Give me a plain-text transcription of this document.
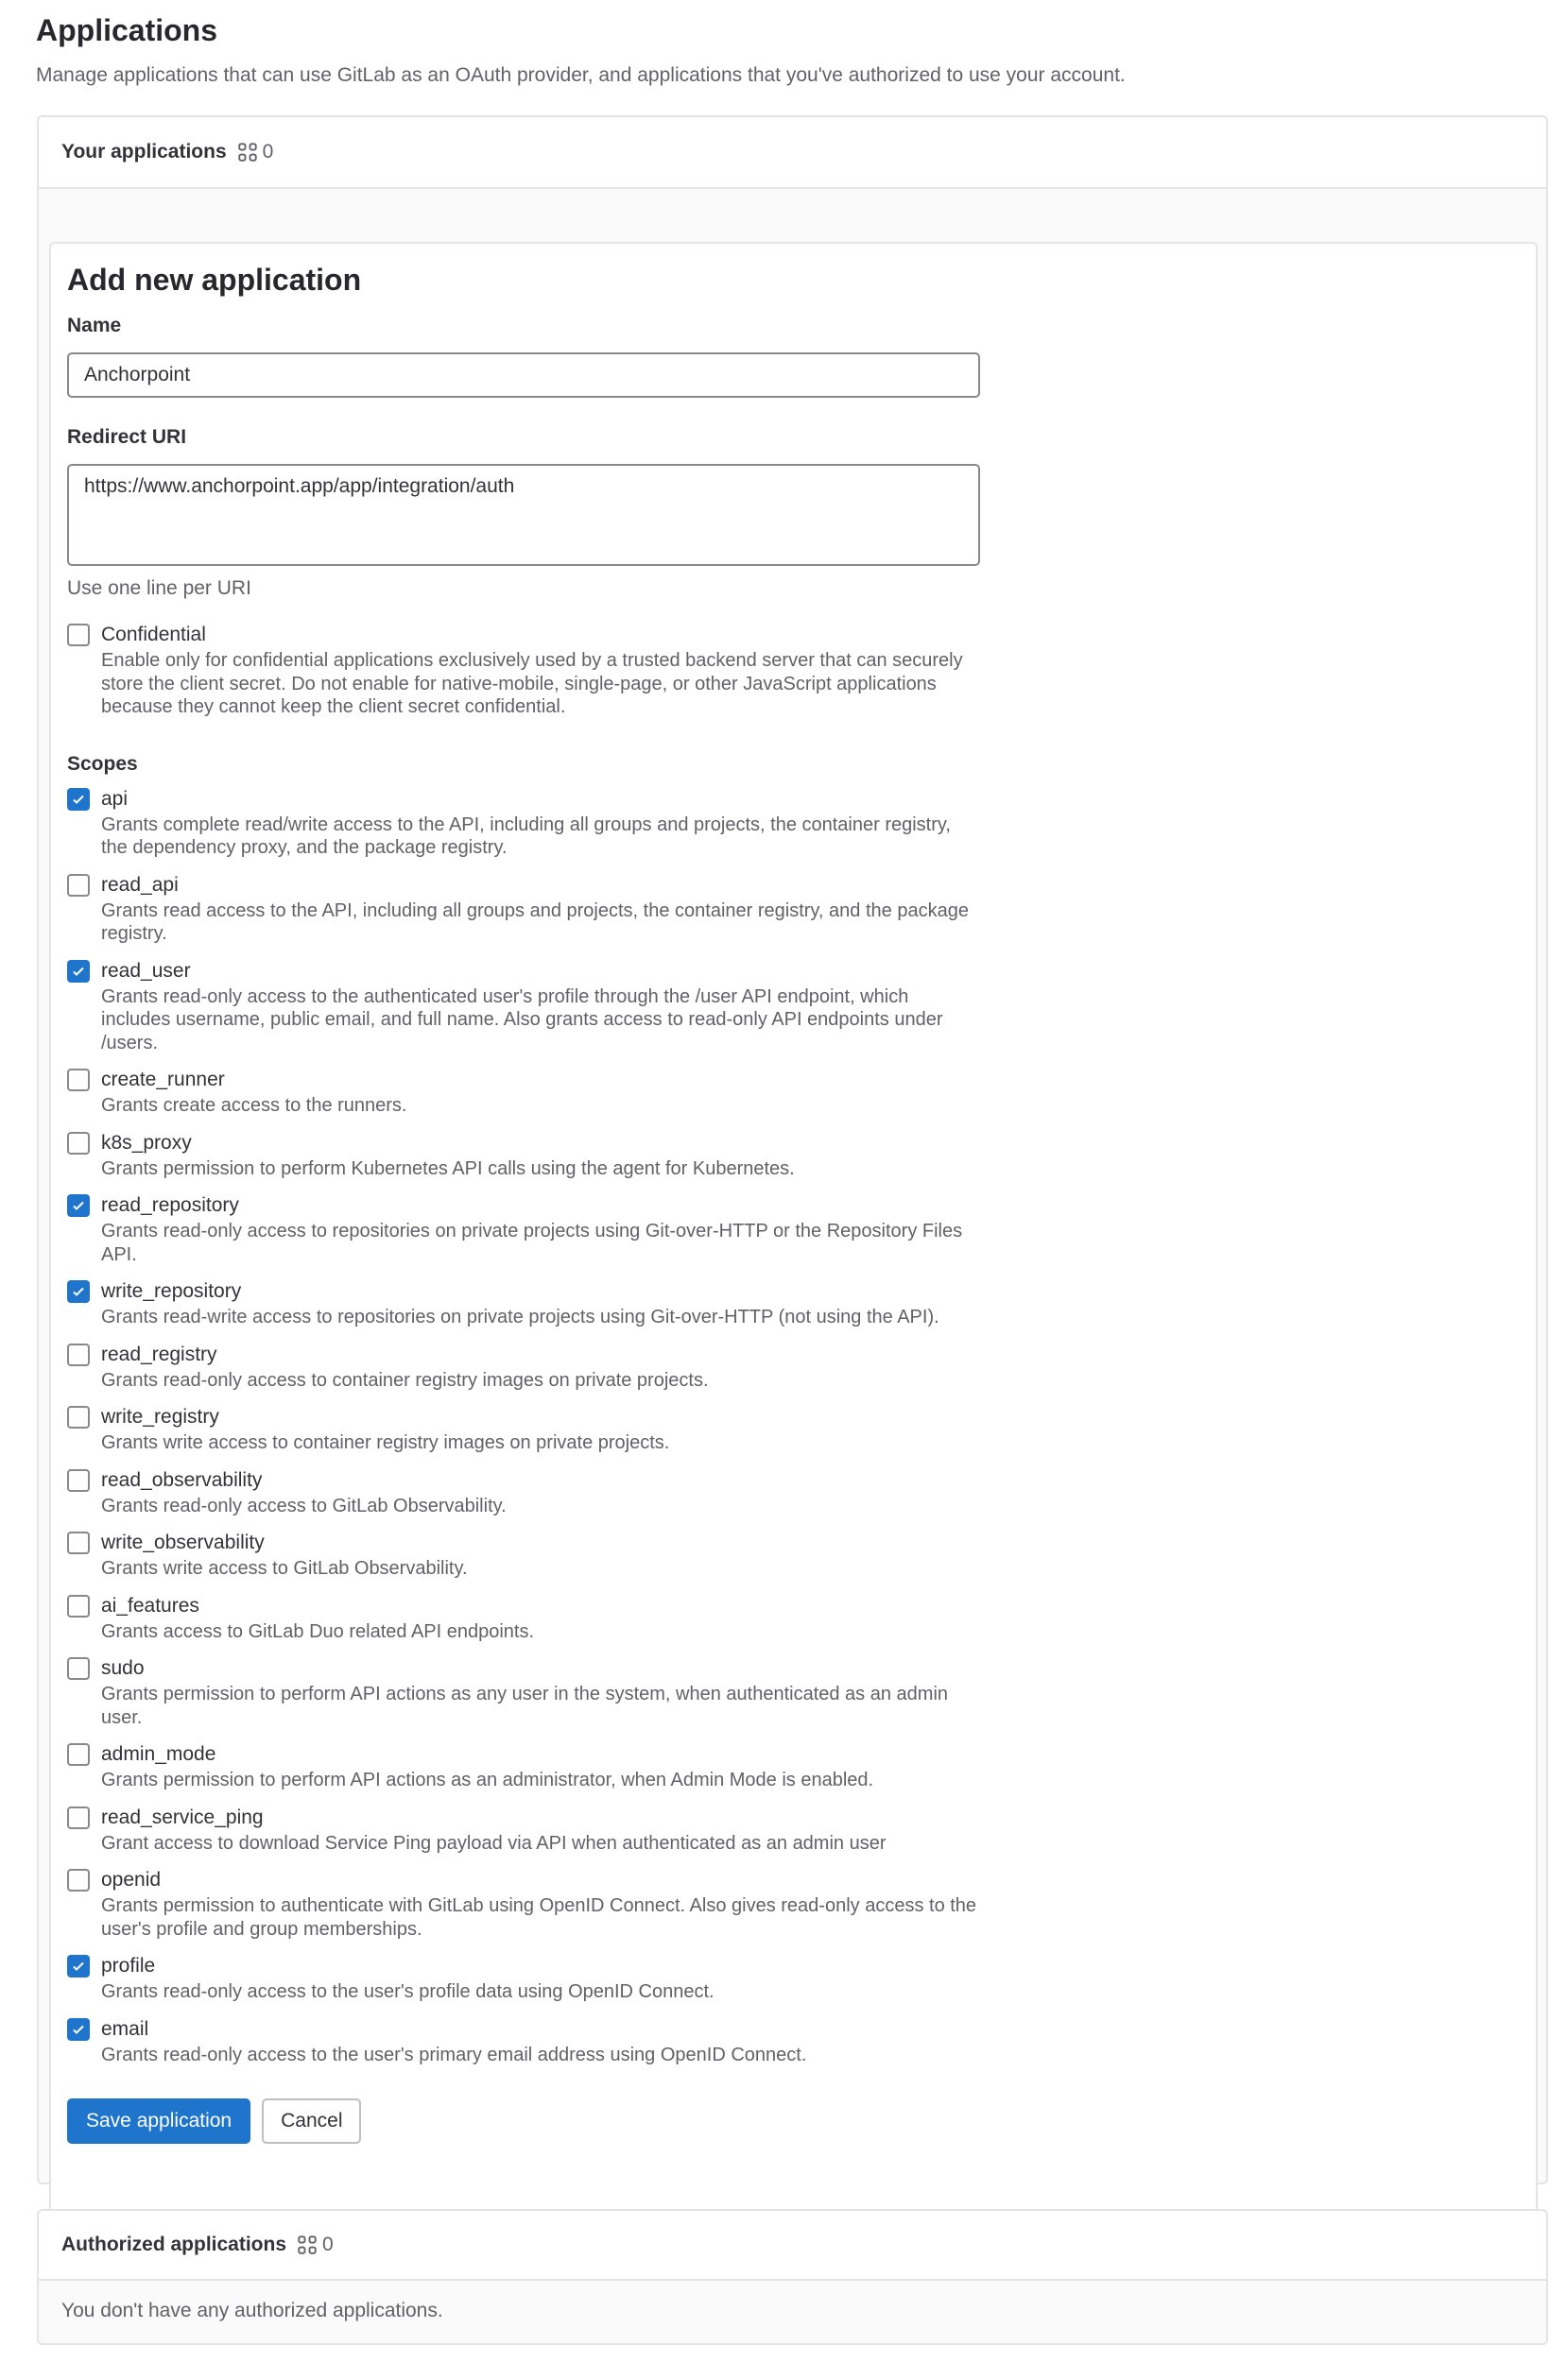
Applications
Manage applications that can use GitLab as an OAuth provider, and applications that you've authorized to use your account.
Your applications 0
Add new application
Name
Anchorpoint
Redirect URI
https://www.anchorpoint.app/app/integration/auth
Use one line per URI
Confidential
Enable only for confidential applications exclusively used by a trusted backend server that can securely store the client secret. Do not enable for native-mobile, single-page, or other JavaScript applications because they cannot keep the client secret confidential.
Scopes
api
Grants complete read/write access to the API, including all groups and projects, the container registry, the dependency proxy, and the package registry.
read_api
Grants read access to the API, including all groups and projects, the container registry, and the package registry.
read_user
Grants read-only access to the authenticated user's profile through the /user API endpoint, which includes username, public email, and full name. Also grants access to read-only API endpoints under /users.
create_runner
Grants create access to the runners.
k8s_proxy
Grants permission to perform Kubernetes API calls using the agent for Kubernetes.
read_repository
Grants read-only access to repositories on private projects using Git-over-HTTP or the Repository Files API.
write_repository
Grants read-write access to repositories on private projects using Git-over-HTTP (not using the API).
read_registry
Grants read-only access to container registry images on private projects.
write_registry
Grants write access to container registry images on private projects.
read_observability
Grants read-only access to GitLab Observability.
write_observability
Grants write access to GitLab Observability.
ai_features
Grants access to GitLab Duo related API endpoints.
sudo
Grants permission to perform API actions as any user in the system, when authenticated as an admin user.
admin_mode
Grants permission to perform API actions as an administrator, when Admin Mode is enabled.
read_service_ping
Grant access to download Service Ping payload via API when authenticated as an admin user
openid
Grants permission to authenticate with GitLab using OpenID Connect. Also gives read-only access to the user's profile and group memberships.
profile
Grants read-only access to the user's profile data using OpenID Connect.
email
Grants read-only access to the user's primary email address using OpenID Connect.
Save application	Cancel
Authorized applications 0
You don't have any authorized applications.
